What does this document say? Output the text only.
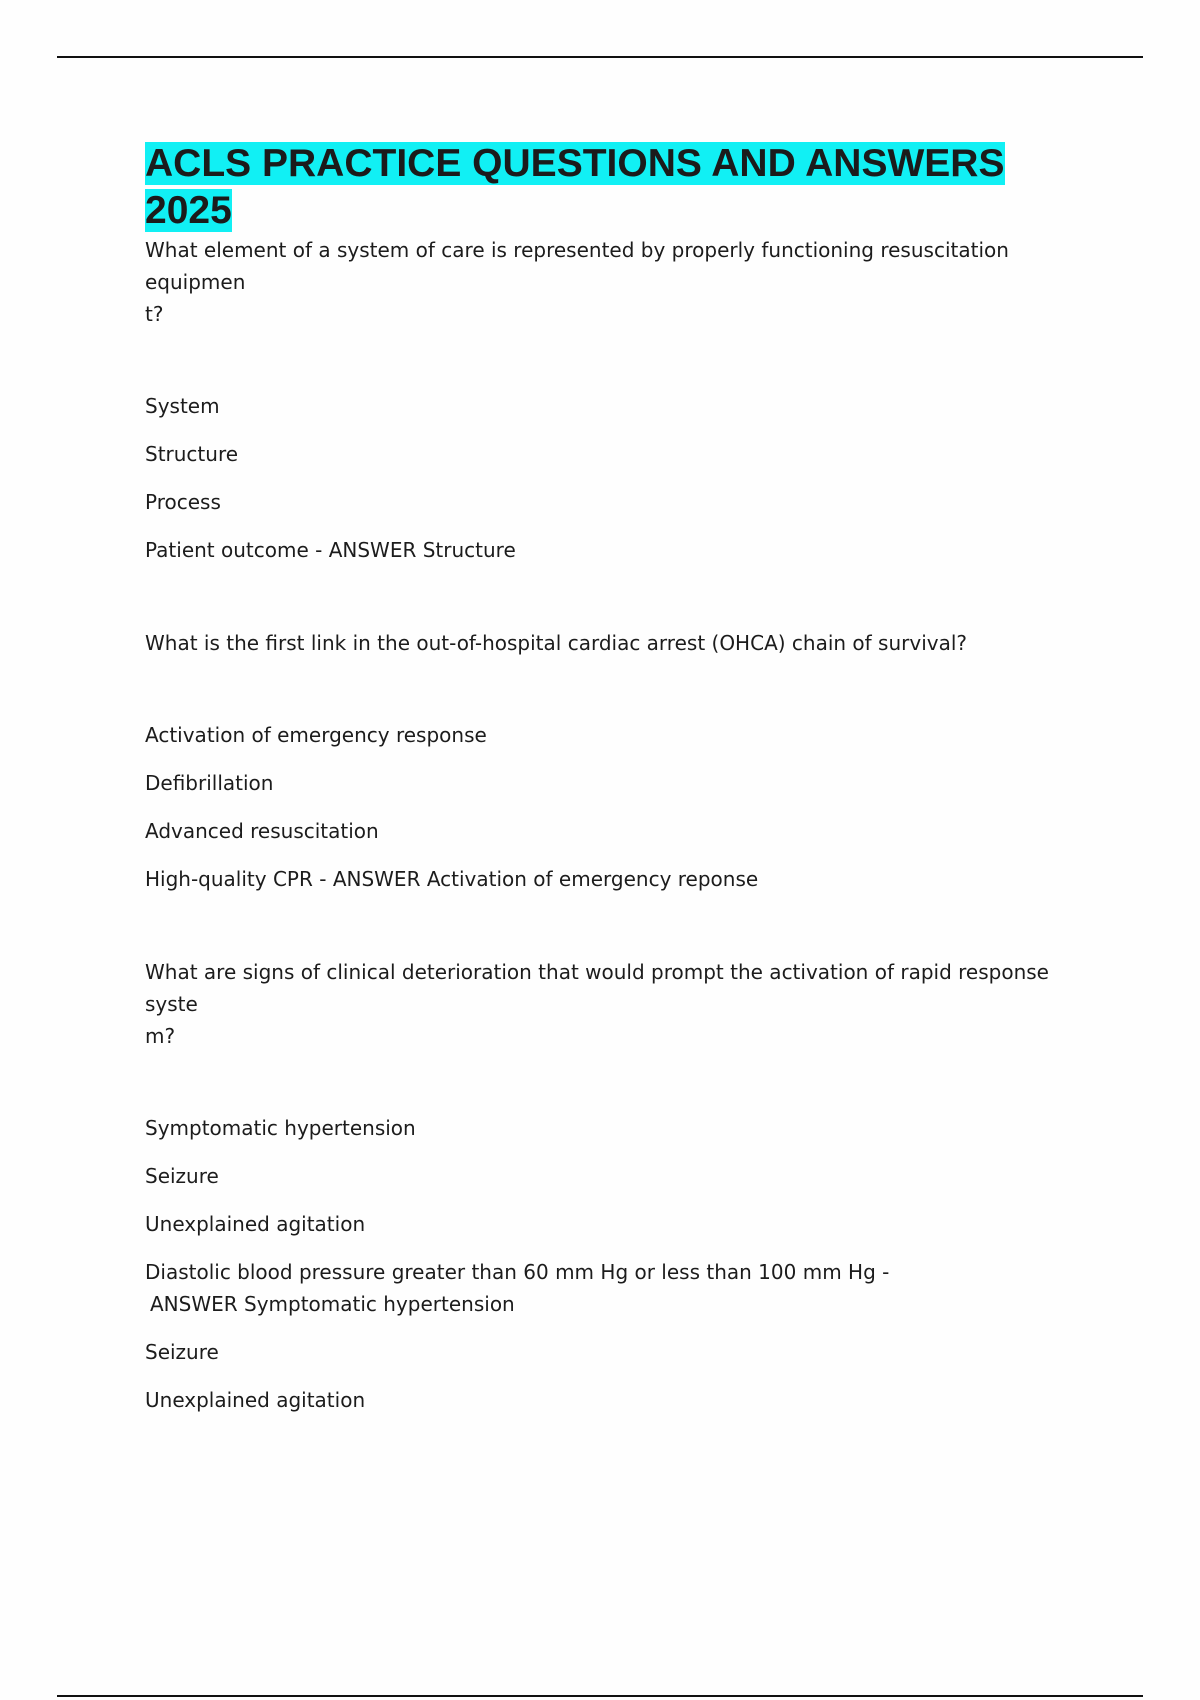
ACLS PRACTICE QUESTIONS AND ANSWERS
2025

What element of a system of care is represented by properly functioning resuscitation equipmen
t?

System

Structure

Process

Patient outcome - ANSWER Structure

What is the first link in the out-of-hospital cardiac arrest (OHCA) chain of survival?

Activation of emergency response

Defibrillation

Advanced resuscitation

High-quality CPR - ANSWER Activation of emergency reponse

What are signs of clinical deterioration that would prompt the activation of rapid response syste
m?

Symptomatic hypertension

Seizure

Unexplained agitation

Diastolic blood pressure greater than 60 mm Hg or less than 100 mm Hg -
ANSWER Symptomatic hypertension

Seizure

Unexplained agitation
